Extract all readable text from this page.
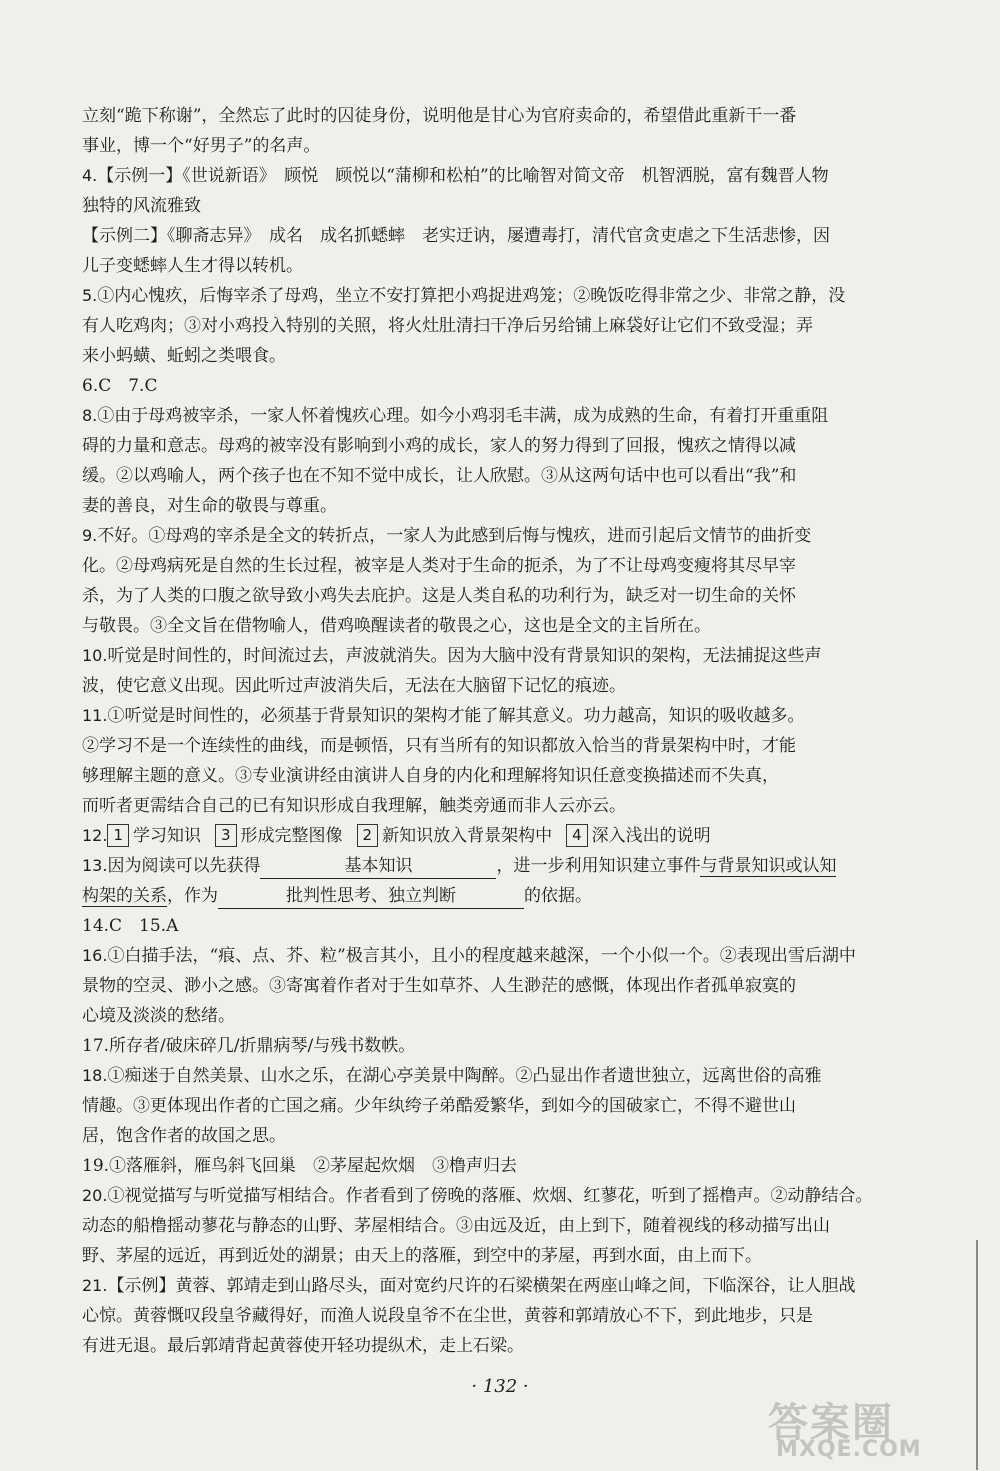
立刻“跪下称谢”，全然忘了此时的囚徒身份，说明他是甘心为官府卖命的，希望借此重新干一番
事业，博一个“好男子”的名声。
4.【示例一】《世说新语》　顾悦　顾悦以“蒲柳和松柏”的比喻智对简文帝　机智洒脱，富有魏晋人物
独特的风流雅致
【示例二】《聊斋志异》　成名　成名抓蟋蟀　老实迂讷，屡遭毒打，清代官贪吏虐之下生活悲惨，因
儿子变蟋蟀人生才得以转机。
5.①内心愧疚，后悔宰杀了母鸡，坐立不安打算把小鸡捉进鸡笼；②晚饭吃得非常之少、非常之静，没
有人吃鸡肉；③对小鸡投入特别的关照，将火灶肚清扫干净后另给铺上麻袋好让它们不致受湿；弄
来小蚂蟥、蚯蚓之类喂食。
6.C　7.C
8.①由于母鸡被宰杀，一家人怀着愧疚心理。如今小鸡羽毛丰满，成为成熟的生命，有着打开重重阻
碍的力量和意志。母鸡的被宰没有影响到小鸡的成长，家人的努力得到了回报，愧疚之情得以减
缓。②以鸡喻人，两个孩子也在不知不觉中成长，让人欣慰。③从这两句话中也可以看出“我”和
妻的善良，对生命的敬畏与尊重。
9.不好。①母鸡的宰杀是全文的转折点，一家人为此感到后悔与愧疚，进而引起后文情节的曲折变
化。②母鸡病死是自然的生长过程，被宰是人类对于生命的扼杀，为了不让母鸡变瘦将其尽早宰
杀，为了人类的口腹之欲导致小鸡失去庇护。这是人类自私的功利行为，缺乏对一切生命的关怀
与敬畏。③全文旨在借物喻人，借鸡唤醒读者的敬畏之心，这也是全文的主旨所在。
10.听觉是时间性的，时间流过去，声波就消失。因为大脑中没有背景知识的架构，无法捕捉这些声
波，使它意义出现。因此听过声波消失后，无法在大脑留下记忆的痕迹。
11.①听觉是时间性的，必须基于背景知识的架构才能了解其意义。功力越高，知识的吸收越多。
②学习不是一个连续性的曲线，而是顿悟，只有当所有的知识都放入恰当的背景架构中时，才能
够理解主题的意义。③专业演讲经由演讲人自身的内化和理解将知识任意变换描述而不失真，
而听者更需结合自己的已有知识形成自我理解，触类旁通而非人云亦云。
12. 1 学习知识 3 形成完整图像 2 新知识放入背景架构中 4 深入浅出的说明
13.因为阅读可以先获得	基本知识	，进一步利用知识建立事件与背景知识或认知
构架的关系，作为	批判性思考、独立判断	的依据。
14.C　15.A
16.①白描手法，“痕、点、芥、粒”极言其小，且小的程度越来越深，一个小似一个。②表现出雪后湖中
景物的空灵、渺小之感。③寄寓着作者对于生如草芥、人生渺茫的感慨，体现出作者孤单寂寞的
心境及淡淡的愁绪。
17.所存者/破床碎几/折鼎病琴/与残书数帙。
18.①痴迷于自然美景、山水之乐，在湖心亭美景中陶醉。②凸显出作者遗世独立，远离世俗的高雅
情趣。③更体现出作者的亡国之痛。少年纨绔子弟酷爱繁华，到如今的国破家亡，不得不避世山
居，饱含作者的故国之思。
19.①落雁斜，雁鸟斜飞回巢　②茅屋起炊烟　③橹声归去
20.①视觉描写与听觉描写相结合。作者看到了傍晚的落雁、炊烟、红蓼花，听到了摇橹声。②动静结合。
动态的船橹摇动蓼花与静态的山野、茅屋相结合。③由远及近，由上到下，随着视线的移动描写出山
野、茅屋的远近，再到近处的湖景；由天上的落雁，到空中的茅屋，再到水面，由上而下。
21.【示例】黄蓉、郭靖走到山路尽头，面对宽约尺许的石梁横架在两座山峰之间，下临深谷，让人胆战
心惊。黄蓉慨叹段皇爷藏得好，而渔人说段皇爷不在尘世，黄蓉和郭靖放心不下，到此地步，只是
有进无退。最后郭靖背起黄蓉使开轻功提纵术，走上石梁。
· 132 ·
答案圈
MXQE.COM
